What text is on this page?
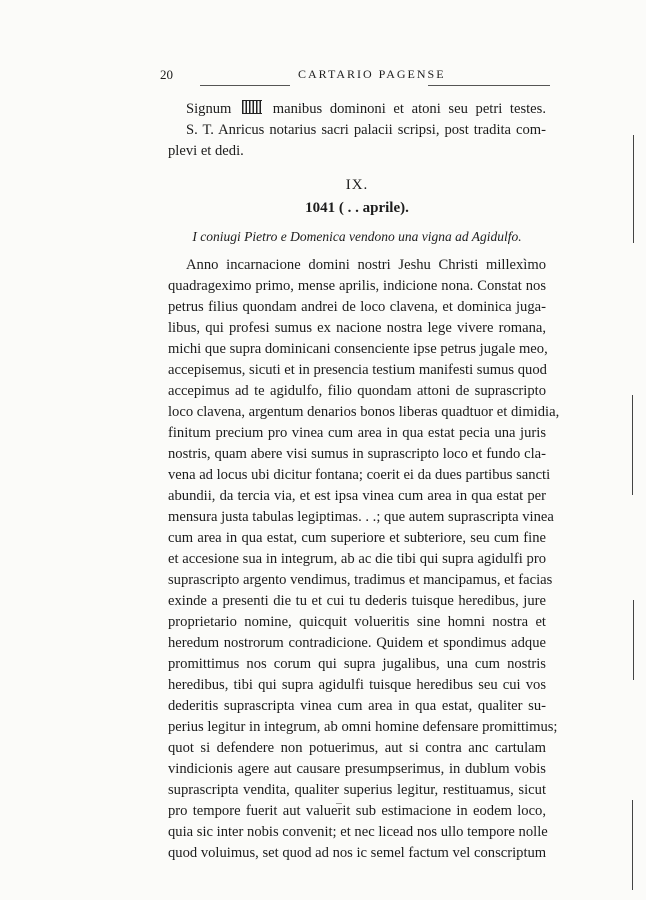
20	CARTARIO PAGENSE
Signum	manibus dominoni et atoni seu petri testes.
S. T. Anricus notarius sacri palacii scripsi, post tradita com-
plevi et dedi.
IX.
1041 ( . . aprile).
I coniugi Pietro e Domenica vendono una vigna ad Agidulfo.
Anno incarnacione domini nostri Jeshu Christi millexìmo
quadrageximo primo, mense aprilis, indicione nona. Constat nos
petrus filius quondam andrei de loco clavena, et dominica juga-
libus, qui profesi sumus ex nacione nostra lege vivere romana,
michi que supra dominicani consenciente ipse petrus jugale meo,
accepisemus, sicuti et in presencia testium manifesti sumus quod
accepimus ad te agidulfo, filio quondam attoni de suprascripto
loco clavena, argentum denarios bonos liberas quadtuor et dimidia,
finitum precium pro vinea cum area in qua estat pecia una juris
nostris, quam abere visi sumus in suprascripto loco et fundo cla-
vena ad locus ubi dicitur fontana; coerit ei da dues partibus sancti
abundii, da tercia via, et est ipsa vinea cum area in qua estat per
mensura justa tabulas legiptimas. . .; que autem suprascripta vinea
cum area in qua estat, cum superiore et subteriore, seu cum fine
et accesione sua in integrum, ab ac die tibi qui supra agidulfi pro
suprascripto argento vendimus, tradimus et mancipamus, et facias
exinde a presenti die tu et cui tu dederis tuisque heredibus, jure
proprietario nomine, quicquit volueritis sine homni nostra et
heredum nostrorum contradicione. Quidem et spondimus adque
promittimus nos corum qui supra jugalibus, una cum nostris
heredibus, tibi qui supra agidulfi tuisque heredibus seu cui vos
dederitis suprascripta vinea cum area in qua estat, qualiter su-
perius legitur in integrum, ab omni homine defensare promittimus;
quot si defendere non potuerimus, aut si contra anc cartulam
vindicionis agere aut causare presumpserimus, in dublum vobis
suprascripta vendita, qualiter superius legitur, restituamus, sicut
pro tempore fuerit aut valuerit sub estimacione in eodem loco,
quia sic inter nobis convenit; et nec licead nos ullo tempore nolle
quod voluimus, set quod ad nos ic semel factum vel conscriptum
